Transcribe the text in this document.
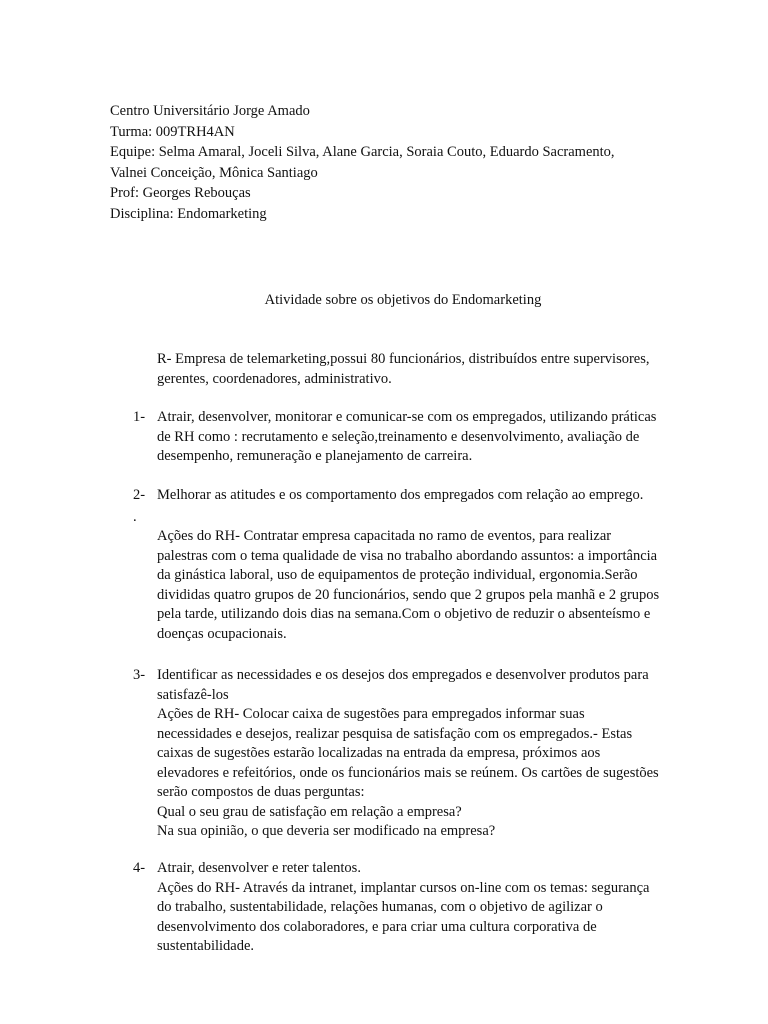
Centro Universitário Jorge Amado
Turma: 009TRH4AN
Equipe: Selma Amaral, Joceli Silva, Alane Garcia, Soraia Couto, Eduardo Sacramento,
Valnei Conceição, Mônica Santiago
Prof: Georges Rebouças
Disciplina: Endomarketing
Atividade sobre os objetivos do Endomarketing
R- Empresa de telemarketing,possui 80 funcionários, distribuídos entre supervisores,
gerentes, coordenadores, administrativo.
1- Atrair, desenvolver, monitorar e comunicar-se com os empregados, utilizando práticas
de RH como : recrutamento e seleção,treinamento e desenvolvimento, avaliação de
desempenho, remuneração e planejamento de carreira.
2-
.
Melhorar as atitudes e os comportamento dos empregados com relação ao emprego.
Ações do RH- Contratar empresa capacitada no ramo de eventos, para realizar
palestras com o tema qualidade de visa no trabalho abordando assuntos: a importância
da ginástica laboral, uso de equipamentos de proteção individual, ergonomia.Serão
divididas quatro grupos de 20 funcionários, sendo que 2 grupos pela manhã e 2 grupos
pela tarde, utilizando dois dias na semana.Com o objetivo de reduzir o absenteísmo e
doenças ocupacionais.
3- Identificar as necessidades e os desejos dos empregados e desenvolver produtos para
satisfazê-los
Ações de RH- Colocar caixa de sugestões para empregados informar suas
necessidades e desejos, realizar pesquisa de satisfação com os empregados.- Estas
caixas de sugestões estarão localizadas na entrada da empresa, próximos aos
elevadores e refeitórios, onde os funcionários mais se reúnem. Os cartões de sugestões
serão compostos de duas perguntas:
Qual o seu grau de satisfação em relação a empresa?
Na sua opinião, o que deveria ser modificado na empresa?
4- Atrair, desenvolver e reter talentos.
Ações do RH- Através da intranet, implantar cursos on-line com os temas: segurança
do trabalho, sustentabilidade, relações humanas, com o objetivo de agilizar o
desenvolvimento dos colaboradores, e para criar uma cultura corporativa de
sustentabilidade.
